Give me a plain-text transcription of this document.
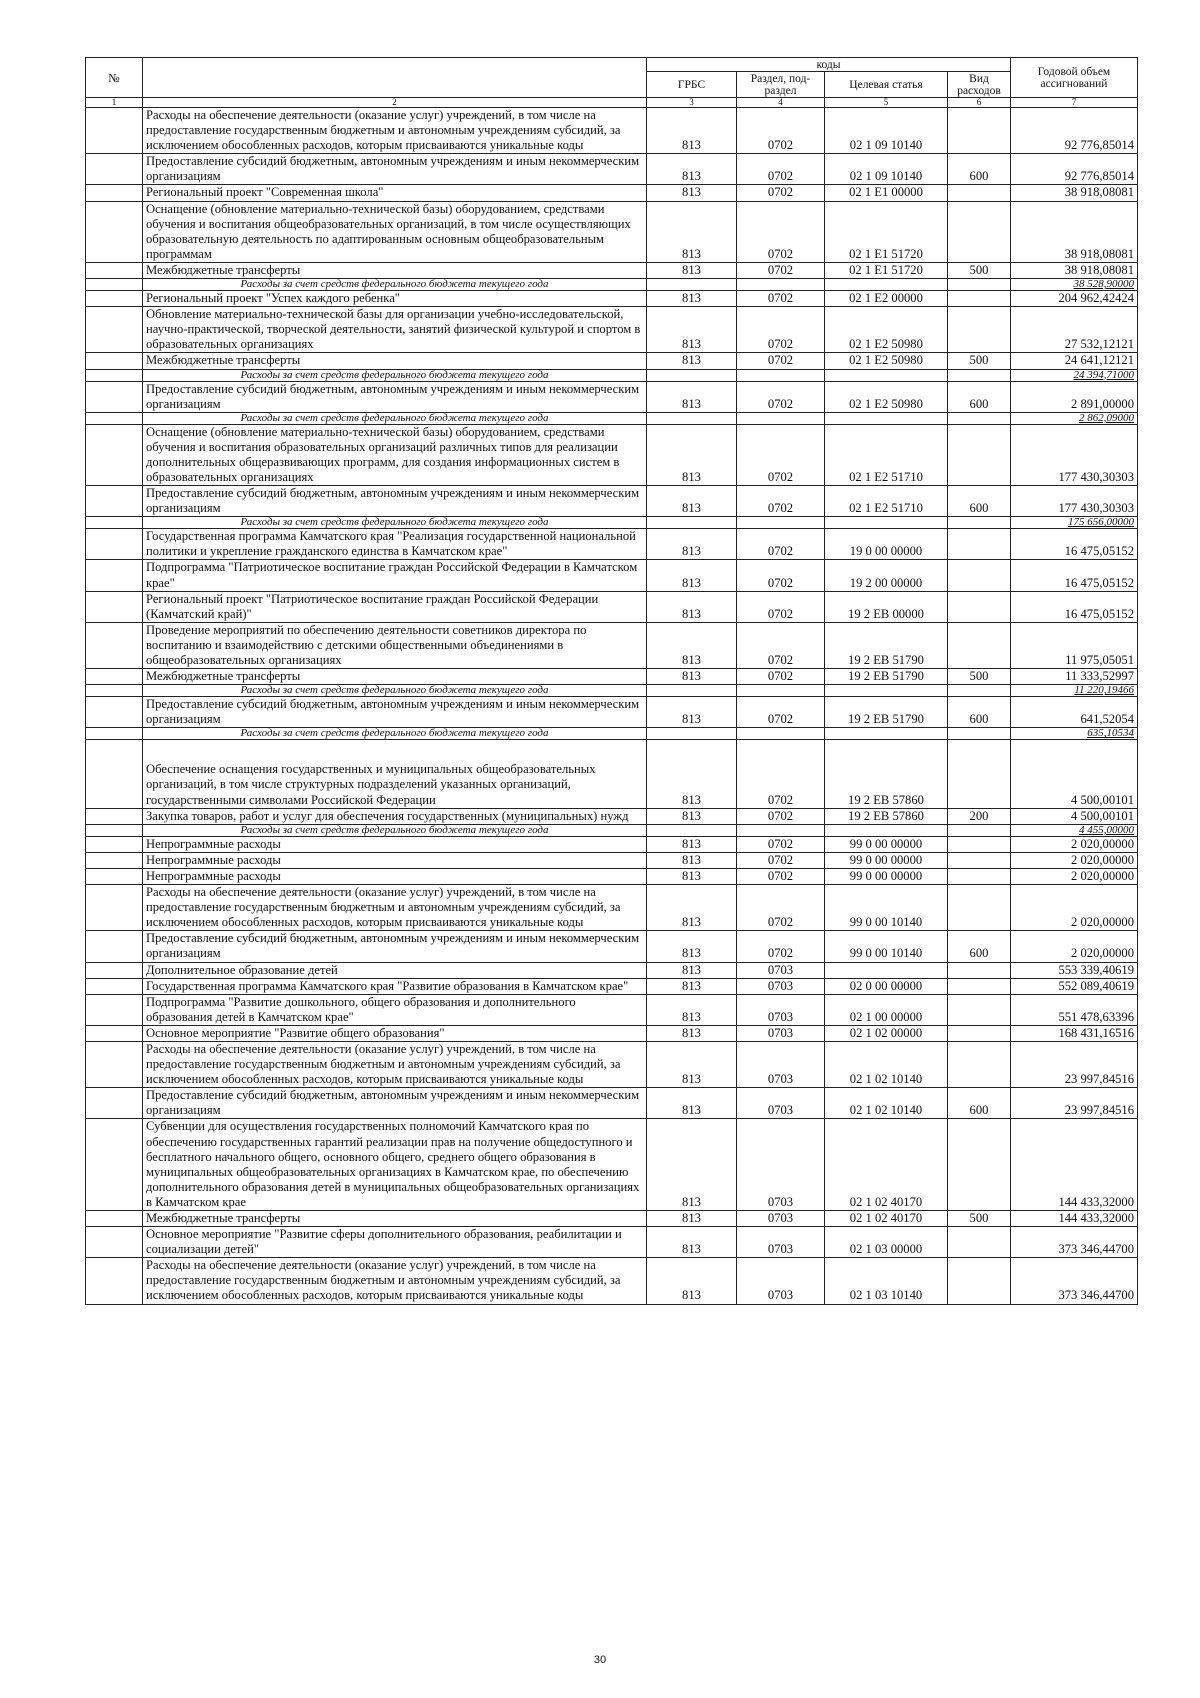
№		коды				Годовой объем ассигнований
		ГРБС	Раздел, под-раздел	Целевая статья	Вид расходов	
1	2	3	4	5	6	7
	Расходы на обеспечение деятельности (оказание услуг) учреждений, в том числе на предоставление государственным бюджетным и автономным учреждениям субсидий, за исключением обособленных расходов, которым присваиваются уникальные коды	813	0702	02 1 09 10140		92 776,85014
	Предоставление субсидий бюджетным, автономным учреждениям и иным некоммерческим организациям	813	0702	02 1 09 10140	600	92 776,85014
	Региональный проект "Современная школа"	813	0702	02 1 E1 00000		38 918,08081
	Оснащение (обновление материально-технической базы) оборудованием, средствами обучения и воспитания общеобразовательных организаций, в том числе осуществляющих образовательную деятельность по адаптированным основным общеобразовательным программам	813	0702	02 1 E1 51720		38 918,08081
	Межбюджетные трансферты	813	0702	02 1 E1 51720	500	38 918,08081
	Расходы за счет средств федерального бюджета текущего года					38 528,90000
	Региональный проект "Успех каждого ребенка"	813	0702	02 1 E2 00000		204 962,42424
	Обновление материально-технической базы для организации учебно-исследовательской, научно-практической, творческой деятельности, занятий физической культурой и спортом в образовательных организациях	813	0702	02 1 E2 50980		27 532,12121
	Межбюджетные трансферты	813	0702	02 1 E2 50980	500	24 641,12121
	Расходы за счет средств федерального бюджета текущего года					24 394,71000
	Предоставление субсидий бюджетным, автономным учреждениям и иным некоммерческим организациям	813	0702	02 1 E2 50980	600	2 891,00000
	Расходы за счет средств федерального бюджета текущего года					2 862,09000
	Оснащение (обновление материально-технической базы) оборудованием, средствами обучения и воспитания образовательных организаций различных типов для реализации дополнительных общеразвивающих программ, для создания информационных систем в образовательных организациях	813	0702	02 1 E2 51710		177 430,30303
	Предоставление субсидий бюджетным, автономным учреждениям и иным некоммерческим организациям	813	0702	02 1 E2 51710	600	177 430,30303
	Расходы за счет средств федерального бюджета текущего года					175 656,00000
	Государственная программа Камчатского края "Реализация государственной национальной политики и укрепление гражданского единства в Камчатском крае"	813	0702	19 0 00 00000		16 475,05152
	Подпрограмма "Патриотическое воспитание граждан Российской Федерации в Камчатском крае"	813	0702	19 2 00 00000		16 475,05152
	Региональный проект "Патриотическое воспитание граждан Российской Федерации (Камчатский край)"	813	0702	19 2 EB 00000		16 475,05152
	Проведение мероприятий по обеспечению деятельности советников директора по воспитанию и взаимодействию с детскими общественными объединениями в общеобразовательных организациях	813	0702	19 2 EB 51790		11 975,05051
	Межбюджетные трансферты	813	0702	19 2 EB 51790	500	11 333,52997
	Расходы за счет средств федерального бюджета текущего года					11 220,19466
	Предоставление субсидий бюджетным, автономным учреждениям и иным некоммерческим организациям	813	0702	19 2 EB 51790	600	641,52054
	Расходы за счет средств федерального бюджета текущего года					635,10534
	Обеспечение оснащения государственных и муниципальных общеобразовательных организаций, в том числе структурных подразделений указанных организаций, государственными символами Российской Федерации	813	0702	19 2 EB 57860		4 500,00101
	Закупка товаров, работ и услуг для обеспечения государственных (муниципальных) нужд	813	0702	19 2 EB 57860	200	4 500,00101
	Расходы за счет средств федерального бюджета текущего года					4 455,00000
	Непрограммные расходы	813	0702	99 0 00 00000		2 020,00000
	Непрограммные расходы	813	0702	99 0 00 00000		2 020,00000
	Непрограммные расходы	813	0702	99 0 00 00000		2 020,00000
	Расходы на обеспечение деятельности (оказание услуг) учреждений, в том числе на предоставление государственным бюджетным и автономным учреждениям субсидий, за исключением обособленных расходов, которым присваиваются уникальные коды	813	0702	99 0 00 10140		2 020,00000
	Предоставление субсидий бюджетным, автономным учреждениям и иным некоммерческим организациям	813	0702	99 0 00 10140	600	2 020,00000
	Дополнительное образование детей	813	0703			553 339,40619
	Государственная программа Камчатского края "Развитие образования в Камчатском крае"	813	0703	02 0 00 00000		552 089,40619
	Подпрограмма "Развитие дошкольного, общего образования и дополнительного образования детей в Камчатском крае"	813	0703	02 1 00 00000		551 478,63396
	Основное мероприятие "Развитие общего образования"	813	0703	02 1 02 00000		168 431,16516
	Расходы на обеспечение деятельности (оказание услуг) учреждений, в том числе на предоставление государственным бюджетным и автономным учреждениям субсидий, за исключением обособленных расходов, которым присваиваются уникальные коды	813	0703	02 1 02 10140		23 997,84516
	Предоставление субсидий бюджетным, автономным учреждениям и иным некоммерческим организациям	813	0703	02 1 02 10140	600	23 997,84516
	Субвенции для осуществления государственных полномочий Камчатского края по обеспечению государственных гарантий реализации прав на получение общедоступного и бесплатного начального общего, основного общего, среднего общего образования в муниципальных общеобразовательных организациях в Камчатском крае, по обеспечению дополнительного образования детей в муниципальных общеобразовательных организациях в Камчатском крае	813	0703	02 1 02 40170		144 433,32000
	Межбюджетные трансферты	813	0703	02 1 02 40170	500	144 433,32000
	Основное мероприятие "Развитие сферы дополнительного образования, реабилитации и социализации детей"	813	0703	02 1 03 00000		373 346,44700
	Расходы на обеспечение деятельности (оказание услуг) учреждений, в том числе на предоставление государственным бюджетным и автономным учреждениям субсидий, за исключением обособленных расходов, которым присваиваются уникальные коды	813	0703	02 1 03 10140		373 346,44700
30
